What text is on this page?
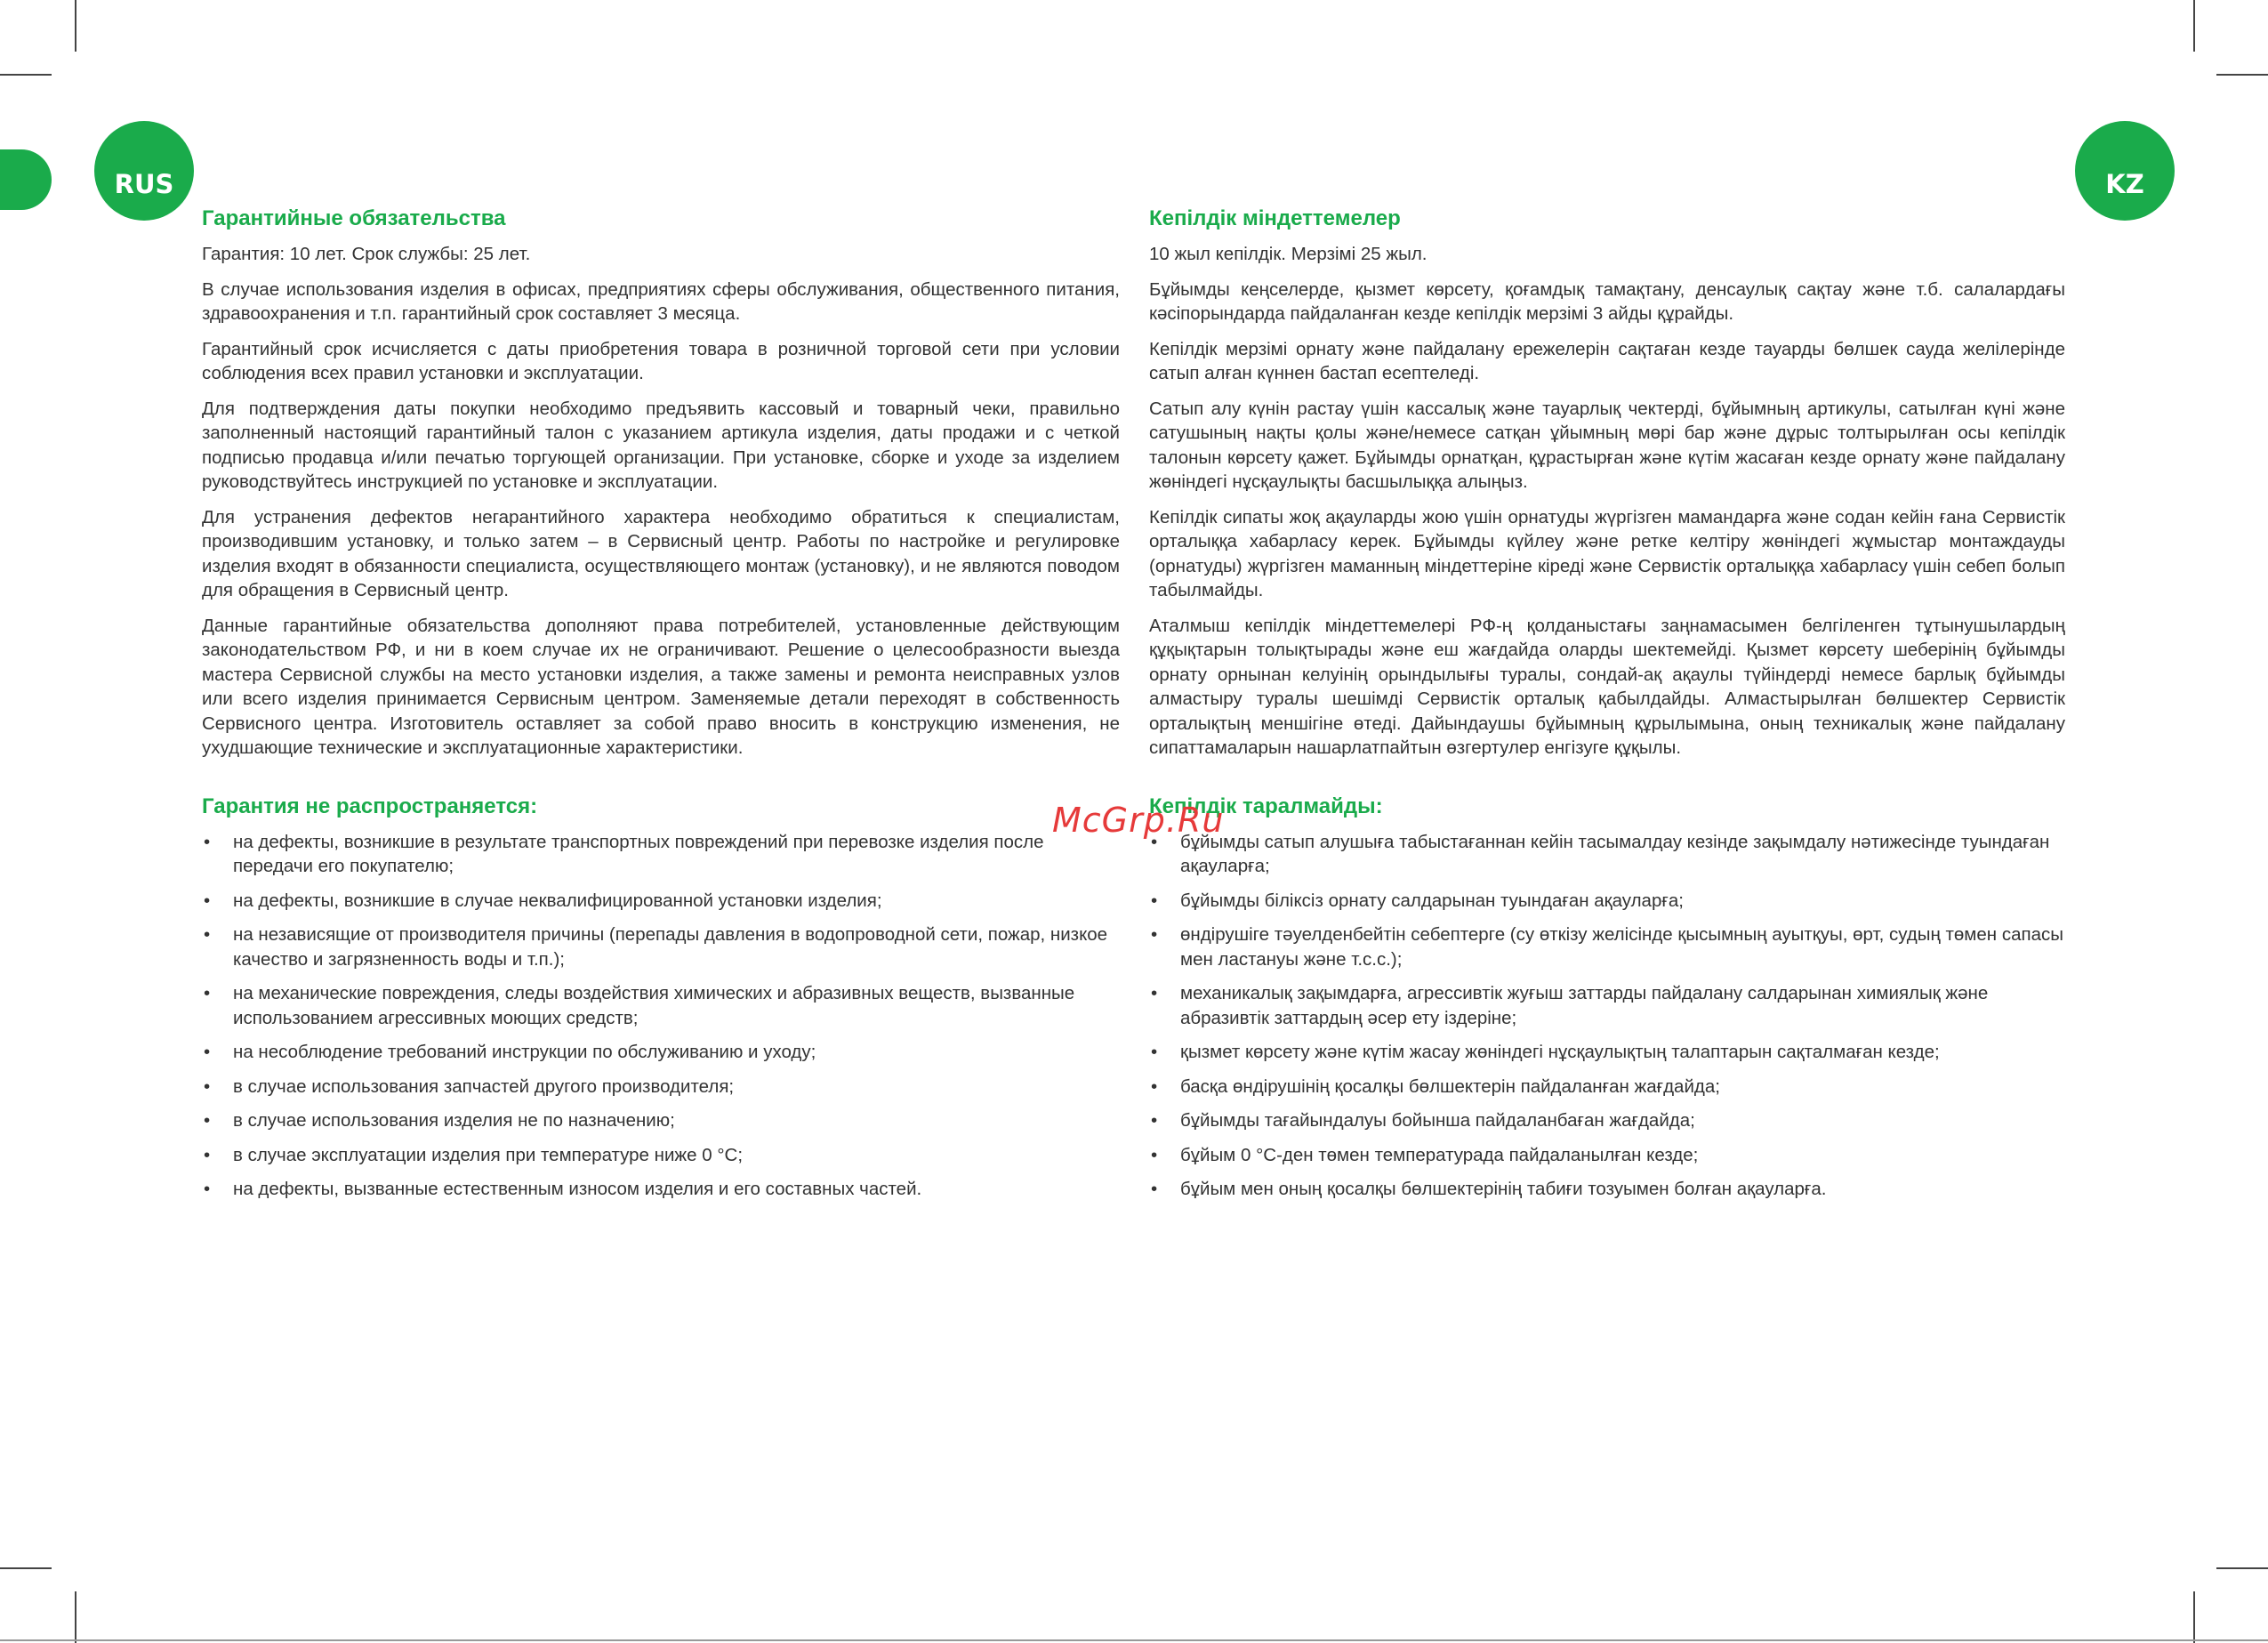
RUS	KZ
Гарантийные обязательства

Гарантия: 10 лет. Срок службы: 25 лет.

В случае использования изделия в офисах, предприятиях сферы обслуживания, общественного питания, здравоохранения и т.п. гарантийный срок составляет 3 месяца.

Гарантийный срок исчисляется с даты приобретения товара в розничной торговой сети при условии соблюдения всех правил установки и эксплуатации.

Для подтверждения даты покупки необходимо предъявить кассовый и товарный чеки, правильно заполненный настоящий гарантийный талон с указанием артикула изделия, даты продажи и с четкой подписью продавца и/или печатью торгующей организации. При установке, сборке и уходе за изделием руководствуйтесь инструкцией по установке и эксплуатации.

Для устранения дефектов негарантийного характера необходимо обратиться к специалистам, производившим установку, и только затем – в Сервисный центр. Работы по настройке и регулировке изделия входят в обязанности специалиста, осуществляющего монтаж (установку), и не являются поводом для обращения в Сервисный центр.

Данные гарантийные обязательства дополняют права потребителей, установленные действующим законодательством РФ, и ни в коем случае их не ограничивают. Решение о целесообразности выезда мастера Сервисной службы на место установки изделия, а также замены и ремонта неисправных узлов или всего изделия принимается Сервисным центром. Заменяемые детали переходят в собственность Сервисного центра. Изготовитель оставляет за собой право вносить в конструкцию изменения, не ухудшающие технические и эксплуатационные характеристики.

Гарантия не распространяется:
• на дефекты, возникшие в результате транспортных повреждений при перевозке изделия после передачи его покупателю;
• на дефекты, возникшие в случае неквалифицированной установки изделия;
• на независящие от производителя причины (перепады давления в водопроводной сети, пожар, низкое качество и загрязненность воды и т.п.);
• на механические повреждения, следы воздействия химических и абразивных веществ, вызванные использованием агрессивных моющих средств;
• на несоблюдение требований инструкции по обслуживанию и уходу;
• в случае использования запчастей другого производителя;
• в случае использования изделия не по назначению;
• в случае эксплуатации изделия при температуре ниже 0 °С;
• на дефекты, вызванные естественным износом изделия и его составных частей.
Кепілдік міндеттемелер

10 жыл кепілдік. Мерзімі 25 жыл.

Бұйымды кеңселерде, қызмет көрсету, қоғамдық тамақтану, денсаулық сақтау және т.б. салалардағы кәсіпорындарда пайдаланған кезде кепілдік мерзімі 3 айды құрайды.

Кепілдік мерзімі орнату және пайдалану ережелерін сақтаған кезде тауарды бөлшек сауда желілерінде сатып алған күннен бастап есептеледі.

Сатып алу күнін растау үшін кассалық және тауарлық чектерді, бұйымның артикулы, сатылған күні және сатушының нақты қолы және/немесе сатқан ұйымның мөрі бар және дұрыс толтырылған осы кепілдік талонын көрсету қажет. Бұйымды орнатқан, құрастырған және күтім жасаған кезде орнату және пайдалану жөніндегі нұсқаулықты басшылыққа алыңыз.

Кепілдік сипаты жоқ ақауларды жою үшін орнатуды жүргізген мамандарға және содан кейін ғана Сервистік орталыққа хабарласу керек. Бұйымды күйлеу және ретке келтіру жөніндегі жұмыстар монтаждауды (орнатуды) жүргізген маманның міндеттеріне кіреді және Сервистік орталыққа хабарласу үшін себеп болып табылмайды.

Аталмыш кепілдік міндеттемелері РФ-ң қолданыстағы заңнамасымен белгіленген тұтынушылардың құқықтарын толықтырады және еш жағдайда оларды шектемейді. Қызмет көрсету шеберінің бұйымды орнату орнынан келуінің орындылығы туралы, сондай-ақ ақаулы түйіндерді немесе барлық бұйымды алмастыру туралы шешімді Сервистік орталық қабылдайды. Алмастырылған бөлшектер Сервистік орталықтың меншігіне өтеді. Дайындаушы бұйымның құрылымына, оның техникалық және пайдалану сипаттамаларын нашарлатпайтын өзгертулер енгізуге құқылы.

Кепілдік таралмайды:
• бұйымды сатып алушыға табыстағаннан кейін тасымалдау кезінде зақымдалу нәтижесінде туындаған ақауларға;
• бұйымды біліксіз орнату салдарынан туындаған ақауларға;
• өндірушіге тәуелденбейтін себептерге (су өткізу желісінде қысымның ауытқуы, өрт, судың төмен сапасы мен ластануы және т.с.с.);
• механикалық зақымдарға, агрессивтік жуғыш заттарды пайдалану салдарынан химиялық және абразивтік заттардың әсер ету іздеріне;
• қызмет көрсету және күтім жасау жөніндегі нұсқаулықтың талаптарын сақталмаған кезде;
• басқа өндірушінің қосалқы бөлшектерін пайдаланған жағдайда;
• бұйымды тағайындалуы бойынша пайдаланбаған жағдайда;
• бұйым 0 °С-ден төмен температурада пайдаланылған кезде;
• бұйым мен оның қосалқы бөлшектерінің табиғи тозуымен болған ақауларға.
McGrp.Ru
